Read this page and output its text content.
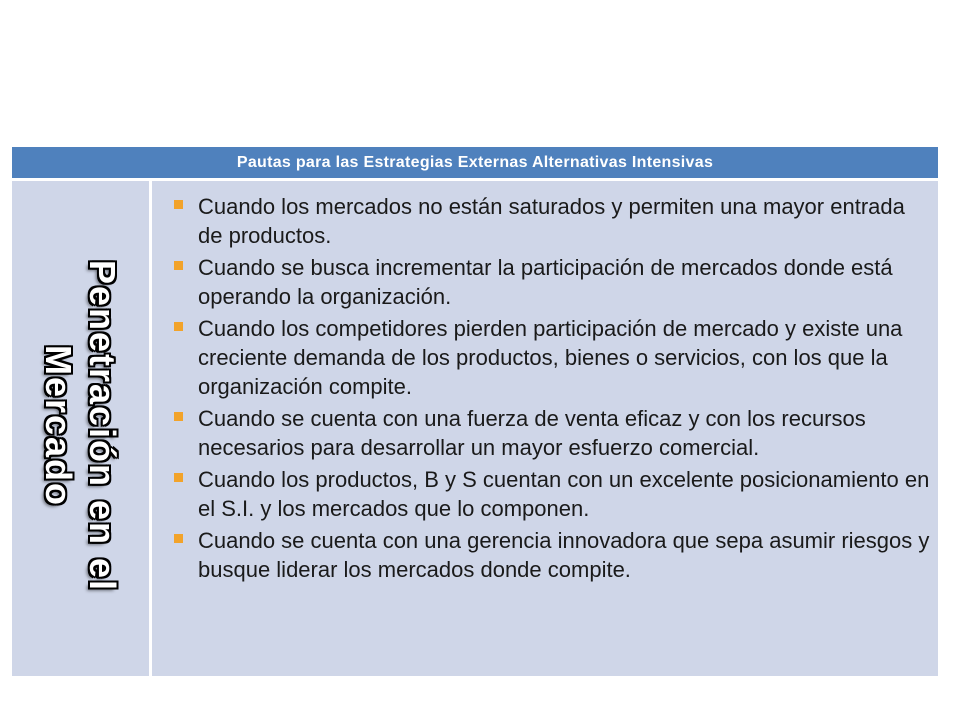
Pautas para las Estrategias Externas Alternativas Intensivas
Penetración en el
Mercado
Cuando los mercados no están saturados y permiten una mayor entrada de productos.
Cuando se busca incrementar la participación de mercados donde está operando la organización.
Cuando los competidores pierden participación de mercado y existe una creciente demanda de los productos, bienes o servicios, con los que la organización compite.
Cuando se cuenta con una fuerza de venta eficaz y con los recursos necesarios para desarrollar un mayor esfuerzo comercial.
Cuando los productos, B y S cuentan con un excelente posicionamiento en el S.I. y los mercados que lo componen.
Cuando se cuenta con una gerencia innovadora que sepa asumir riesgos y busque liderar los mercados donde compite.
